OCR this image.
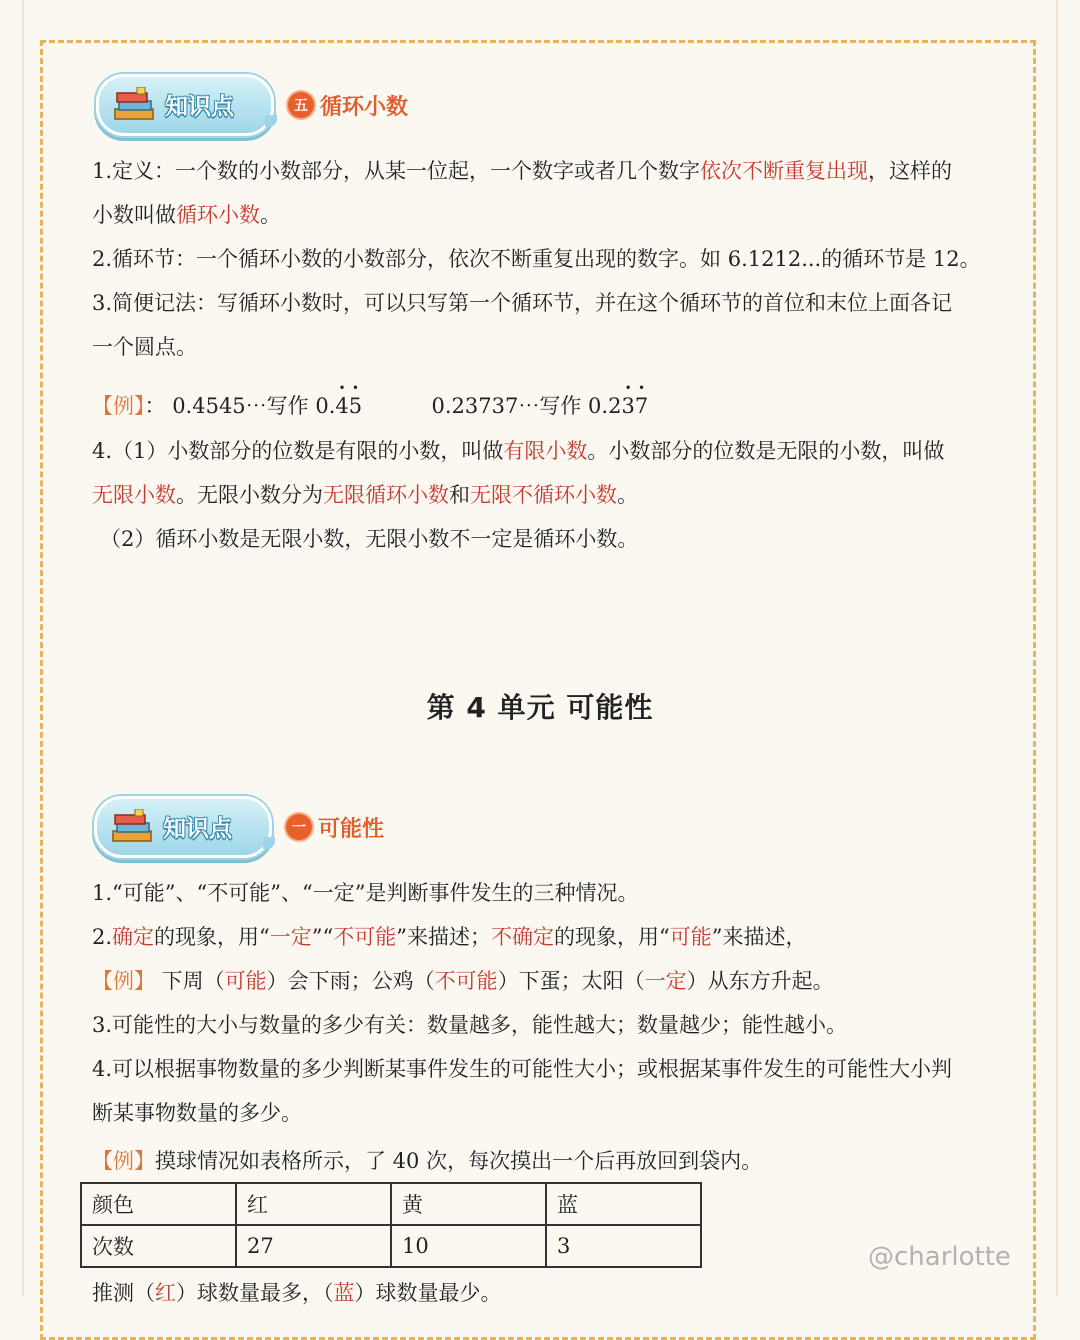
知识点	五 循环小数
1.定义：一个数的小数部分，从某一位起，一个数字或者几个数字依次不断重复出现，这样的
小数叫做循环小数。
2.循环节：一个循环小数的小数部分，依次不断重复出现的数字。如 6.1212...的循环节是 12。
3.简便记法：写循环小数时，可以只写第一个循环节，并在这个循环节的首位和末位上面各记
一个圆点。
【例】： 0.4545⋯写作 0.• 4• 5	0.23737⋯写作 0.2• 3• 7
4.（1）小数部分的位数是有限的小数，叫做有限小数。小数部分的位数是无限的小数，叫做
无限小数。无限小数分为无限循环小数和无限不循环小数。
（2）循环小数是无限小数，无限小数不一定是循环小数。
第 4 单元 可能性
知识点	一 可能性
1.“可能”、“不可能”、“一定”是判断事件发生的三种情况。
2.确定的现象，用“一定”“不可能”来描述；不确定的现象，用“可能”来描述，
【例】 下周（可能）会下雨；公鸡（不可能）下蛋；太阳（一定）从东方升起。
3.可能性的大小与数量的多少有关：数量越多，能性越大；数量越少；能性越小。
4.可以根据事物数量的多少判断某事件发生的可能性大小；或根据某事件发生的可能性大小判
断某事物数量的多少。
【例】摸球情况如表格所示，了 40 次，每次摸出一个后再放回到袋内。
颜色	红	黄	蓝
次数	27	10	3
推测（红）球数量最多，（蓝）球数量最少。
@charlotte
